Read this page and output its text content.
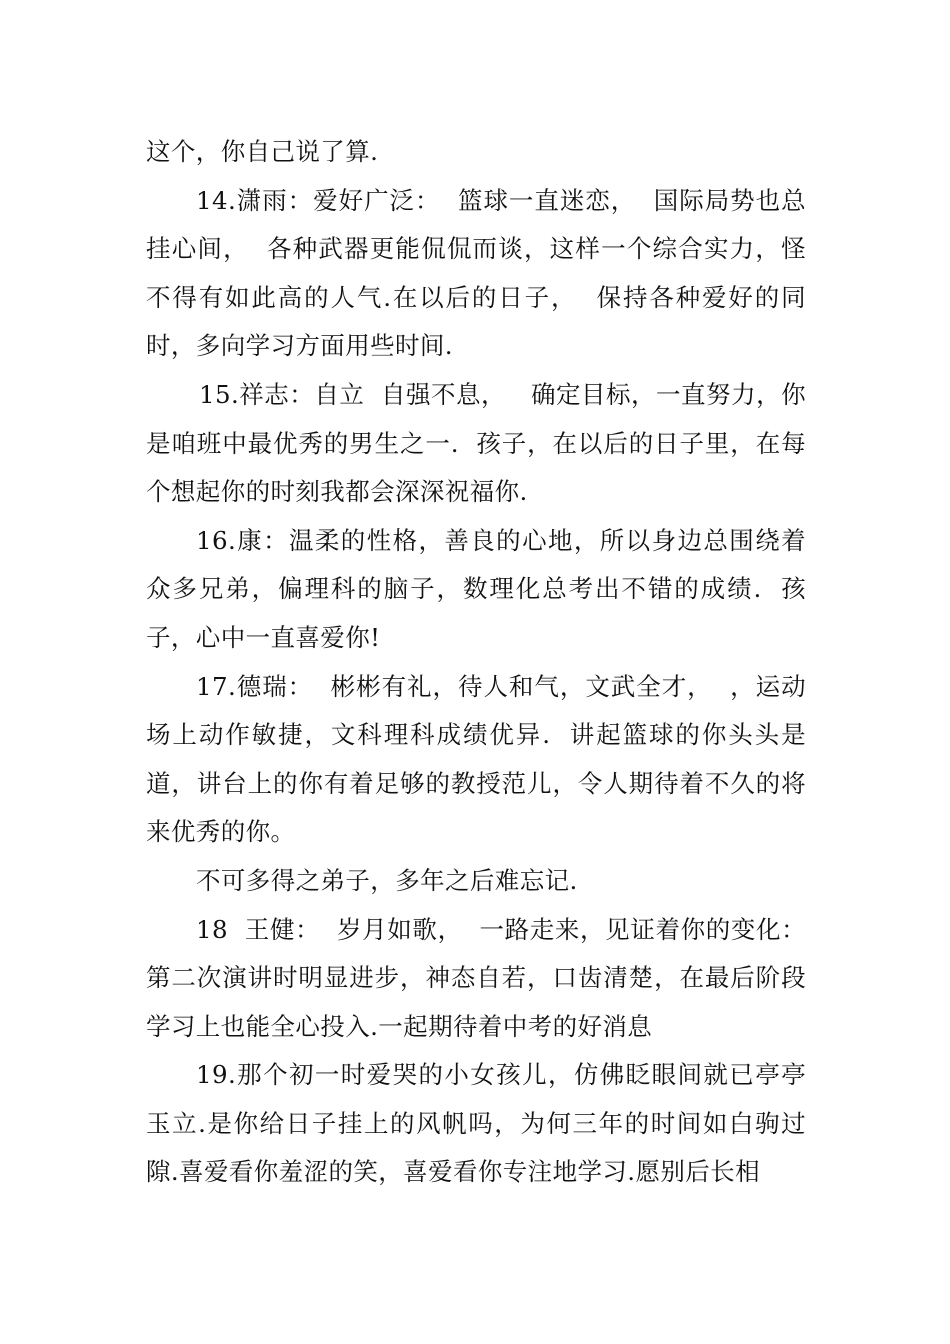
这个，你自己说了算.

14.潇雨：爱好广泛：  篮球一直迷恋，  国际局势也总挂心间，  各种武器更能侃侃而谈，这样一个综合实力，怪不得有如此高的人气.在以后的日子，  保持各种爱好的同时，多向学习方面用些时间.

15.祥志：自立  自强不息，   确定目标，一直努力，你是咱班中最优秀的男生之一.  孩子，在以后的日子里，在每个想起你的时刻我都会深深祝福你.

16.康：温柔的性格，善良的心地，所以身边总围绕着众多兄弟，偏理科的脑子，数理化总考出不错的成绩.  孩子，心中一直喜爱你!

17.德瑞：  彬彬有礼，待人和气，文武全才，  ，运动场上动作敏捷，文科理科成绩优异.  讲起篮球的你头头是道，讲台上的你有着足够的教授范儿，令人期待着不久的将来优秀的你。

不可多得之弟子，多年之后难忘记.

18  王健：  岁月如歌，  一路走来，见证着你的变化：第二次演讲时明显进步，神态自若，口齿清楚，在最后阶段学习上也能全心投入.一起期待着中考的好消息

19.那个初一时爱哭的小女孩儿，仿佛眨眼间就已亭亭玉立.是你给日子挂上的风帆吗，为何三年的时间如白驹过隙.喜爱看你羞涩的笑，喜爱看你专注地学习.愿别后长相
